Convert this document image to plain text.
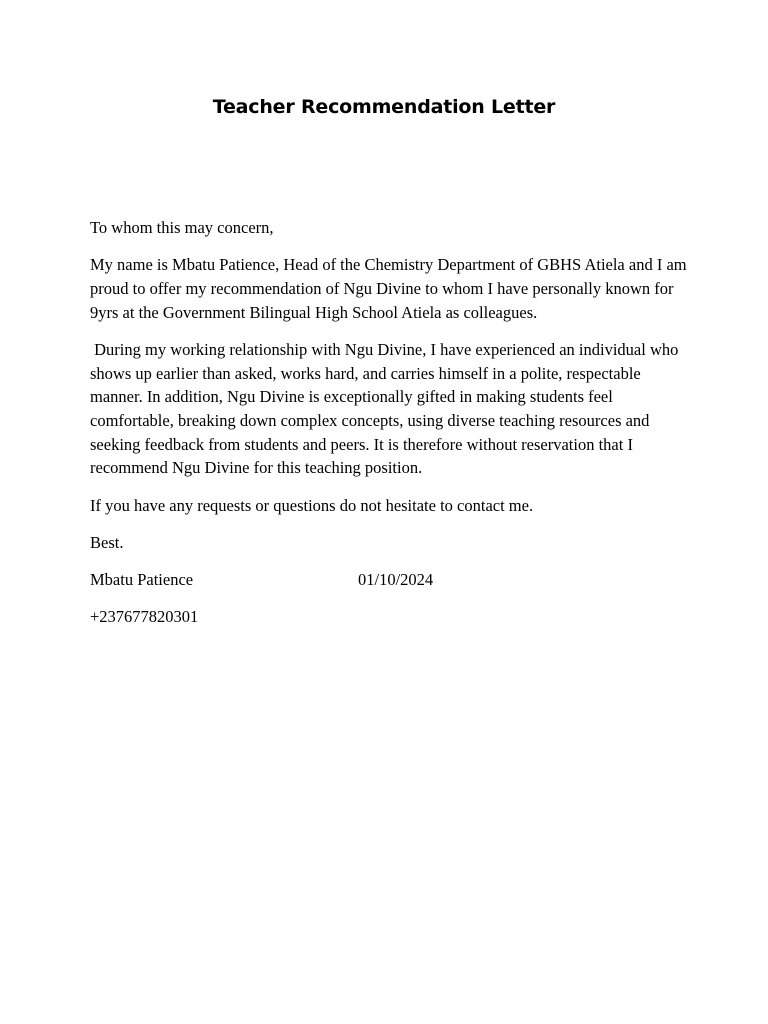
Teacher Recommendation Letter

To whom this may concern,

My name is Mbatu Patience, Head of the Chemistry Department of GBHS Atiela and I am proud to offer my recommendation of Ngu Divine to whom I have personally known for 9yrs at the Government Bilingual High School Atiela as colleagues.

During my working relationship with Ngu Divine, I have experienced an individual who shows up earlier than asked, works hard, and carries himself in a polite, respectable manner. In addition, Ngu Divine is exceptionally gifted in making students feel comfortable, breaking down complex concepts, using diverse teaching resources and seeking feedback from students and peers. It is therefore without reservation that I recommend Ngu Divine for this teaching position.

If you have any requests or questions do not hesitate to contact me.

Best.

Mbatu Patience	01/10/2024

+237677820301
